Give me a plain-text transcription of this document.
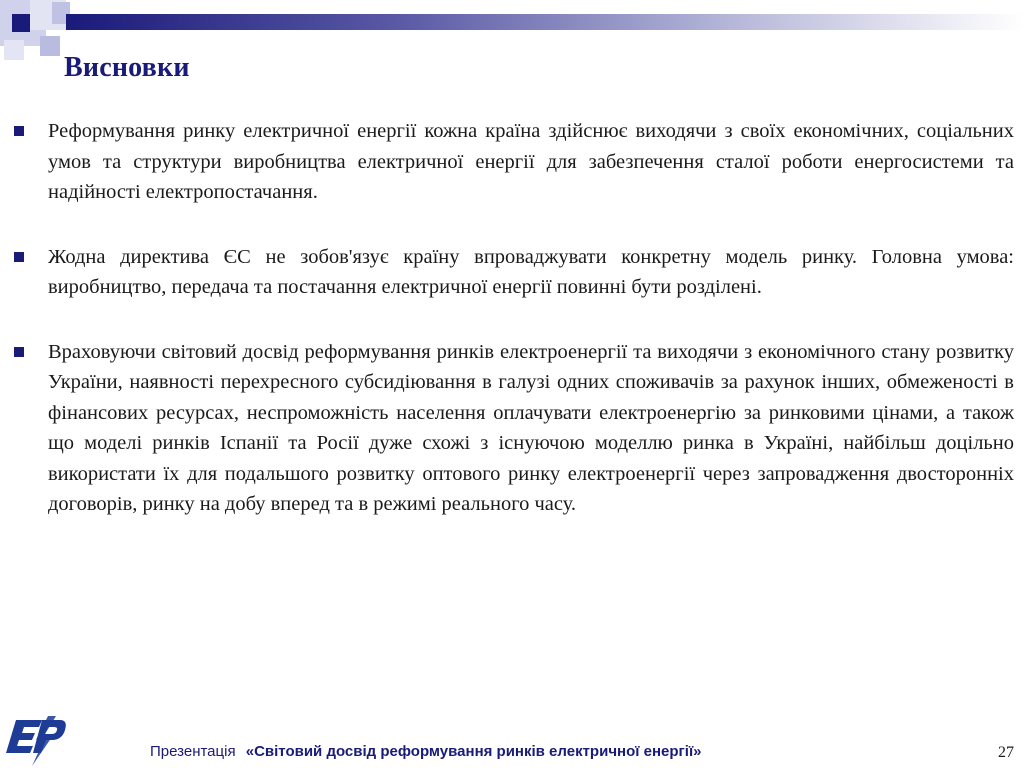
Висновки
Реформування ринку електричної енергії кожна країна здійснює виходячи з своїх економічних, соціальних умов та структури виробництва електричної енергії для забезпечення сталої роботи енергосистеми та надійності електропостачання.
Жодна директива ЄС не зобов'язує країну впроваджувати конкретну модель ринку. Головна умова: виробництво, передача та постачання електричної енергії повинні бути розділені.
Враховуючи світовий досвід реформування ринків електроенергії та виходячи з економічного стану розвитку України, наявності перехресного субсидіювання в галузі одних споживачів за рахунок інших, обмеженості в фінансових ресурсах, неспроможність населення оплачувати електроенергію за ринковими цінами, а також що моделі ринків Іспанії та Росії дуже схожі з існуючою моделлю ринка в Україні, найбільш доцільно використати їх для подальшого розвитку оптового ринку електроенергії через запровадження двосторонніх договорів, ринку на добу вперед та в режимі реального часу.
Презентація «Світовий досвід реформування ринків електричної енергії»	27
